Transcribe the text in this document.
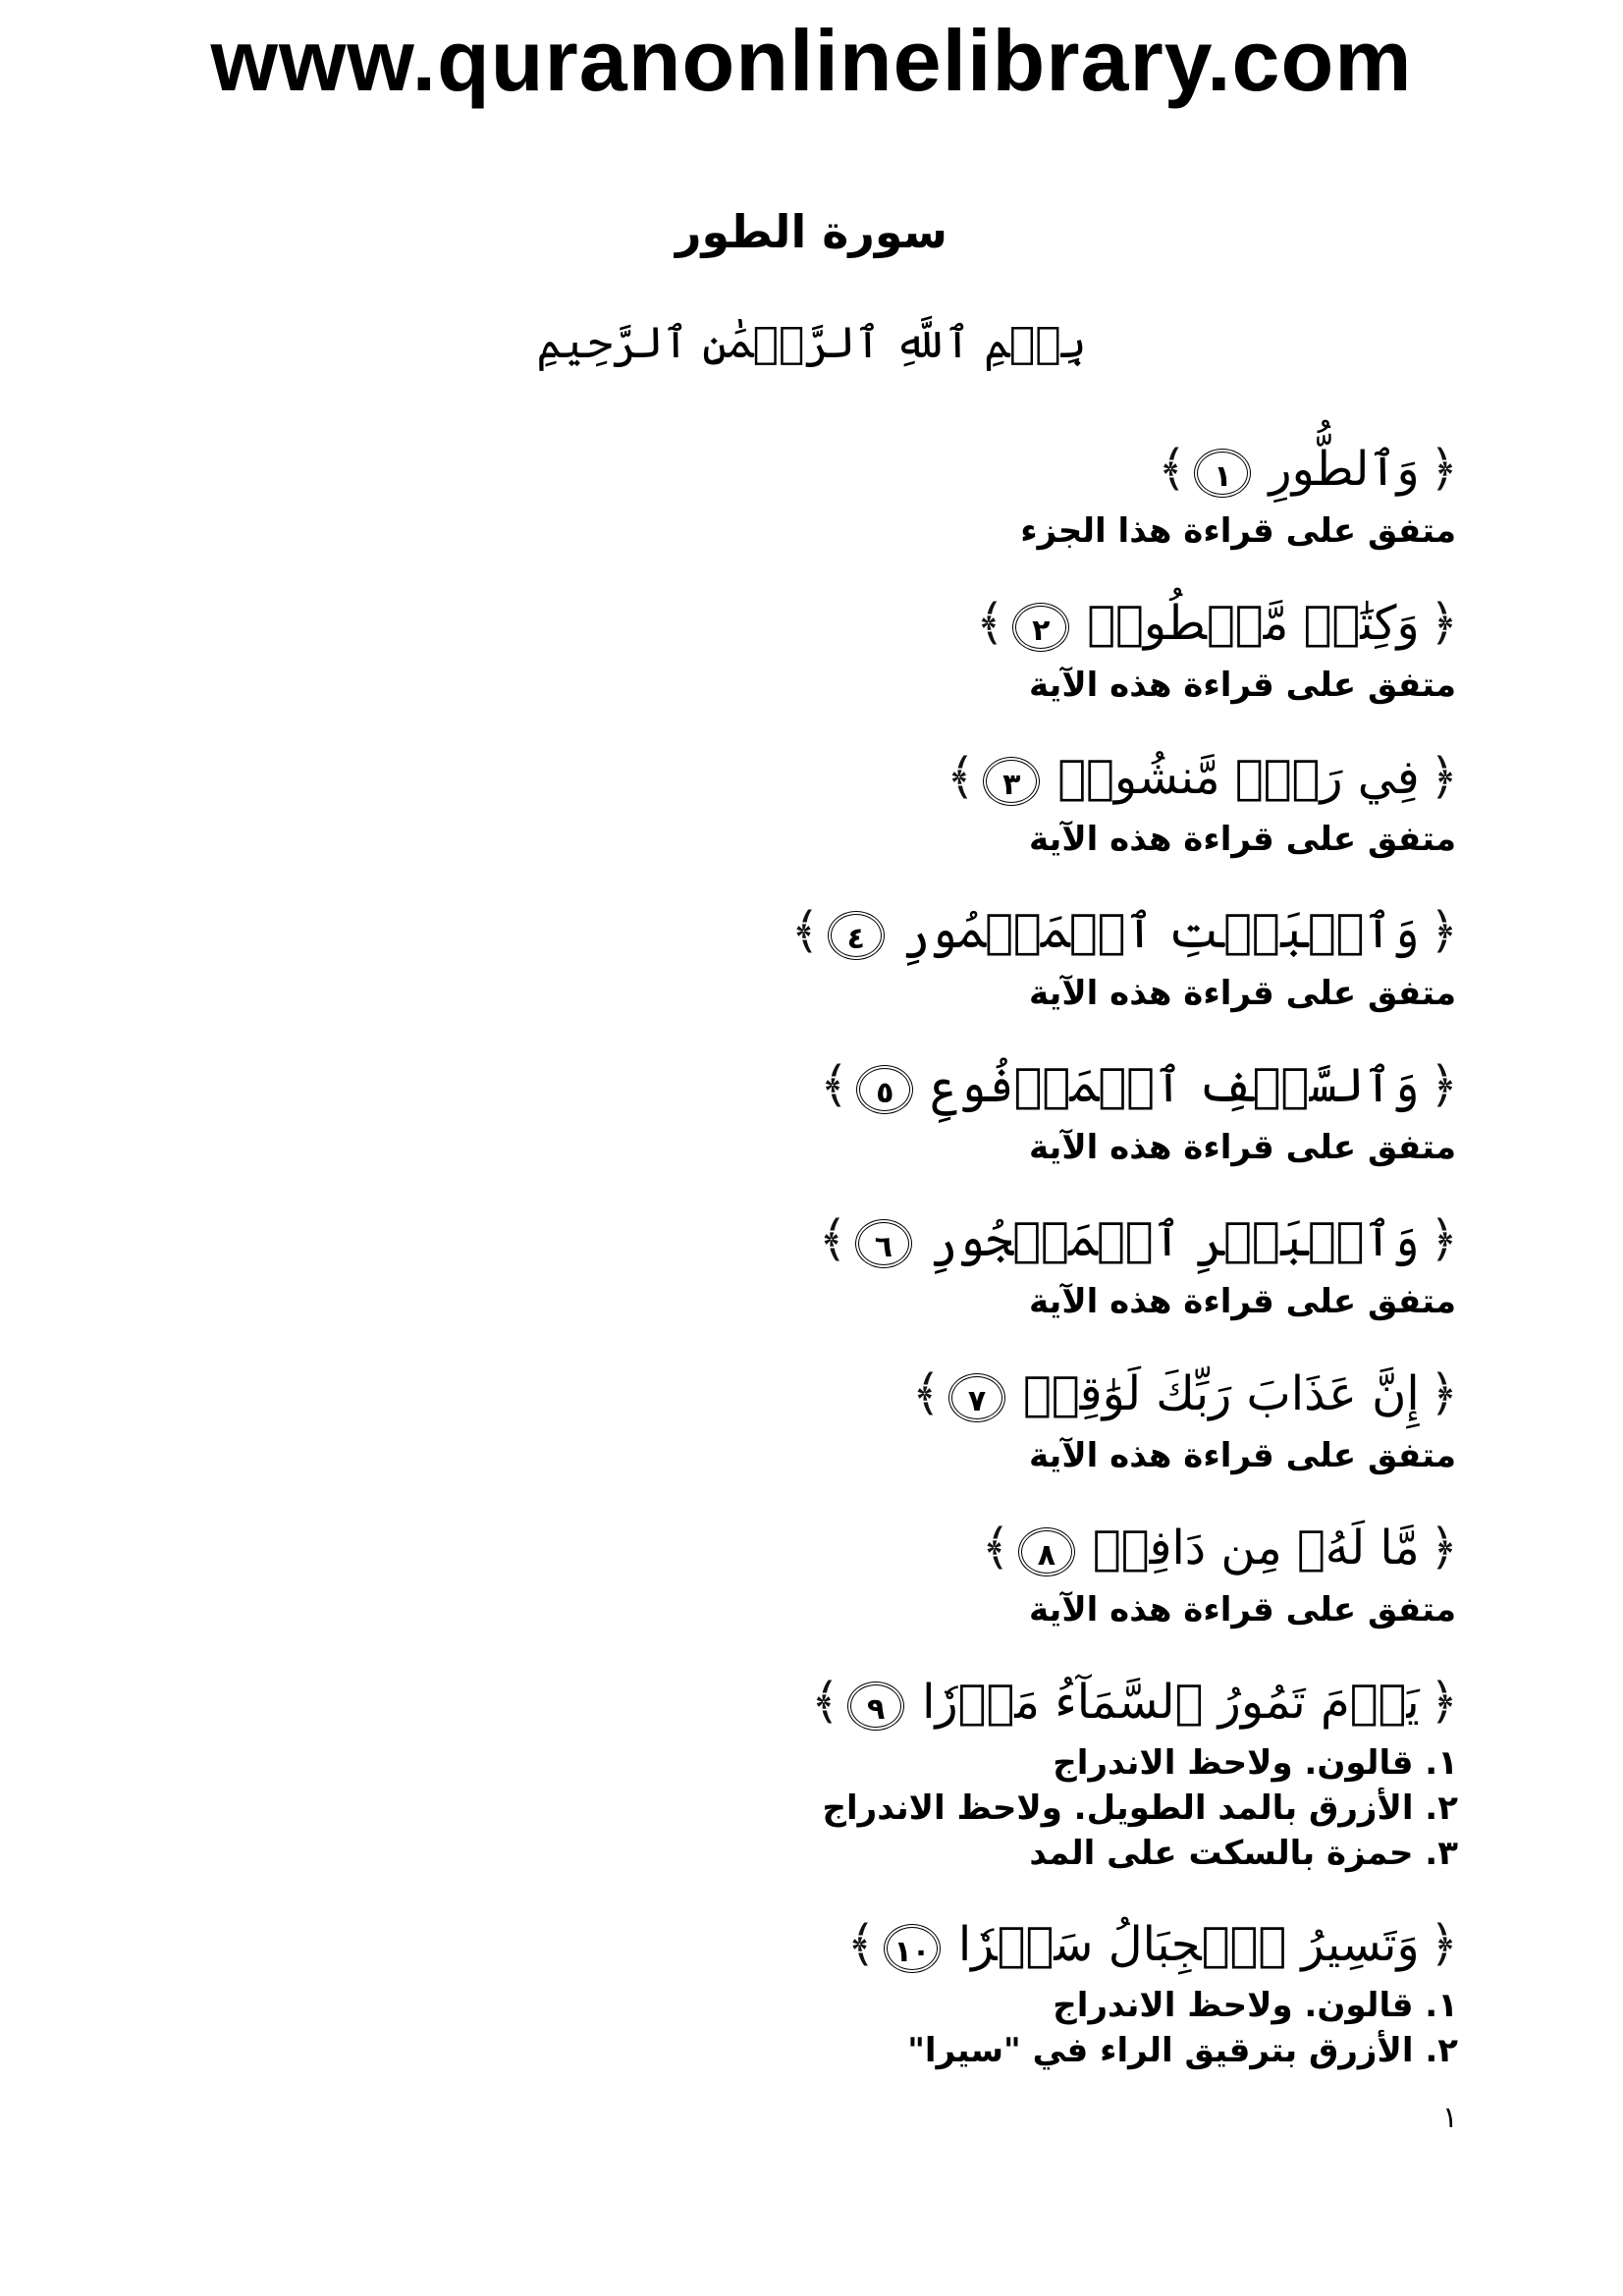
www.quranonlinelibrary.com
سورة الطور
بِسۡمِ ٱللَّهِ ٱلرَّحۡمَٰنِ ٱلرَّحِيمِ
﴿وَٱلطُّورِ١﴾
متفق على قراءة هذا الجزء
﴿وَكِتَٰبٖ مَّسۡطُورٖ٢﴾
متفق على قراءة هذه الآية
﴿فِي رَقّٖ مَّنشُورٖ٣﴾
متفق على قراءة هذه الآية
﴿وَٱلۡبَيۡتِ ٱلۡمَعۡمُورِ٤﴾
متفق على قراءة هذه الآية
﴿وَٱلسَّقۡفِ ٱلۡمَرۡفُوعِ٥﴾
متفق على قراءة هذه الآية
﴿وَٱلۡبَحۡرِ ٱلۡمَسۡجُورِ٦﴾
متفق على قراءة هذه الآية
﴿إِنَّ عَذَابَ رَبِّكَ لَوَٰقِعٞ٧﴾
متفق على قراءة هذه الآية
﴿مَّا لَهُۥ مِن دَافِعٖ٨﴾
متفق على قراءة هذه الآية
﴿يَوۡمَ تَمُورُ ٱلسَّمَآءُ مَوۡرٗا٩﴾
١. قالون. ولاحظ الاندراج
٢. الأزرق بالمد الطويل. ولاحظ الاندراج
٣. حمزة بالسكت على المد
﴿وَتَسِيرُ ٱلۡجِبَالُ سَيۡرٗا١٠﴾
١. قالون. ولاحظ الاندراج
٢. الأزرق بترقيق الراء في "سيرا"
١
